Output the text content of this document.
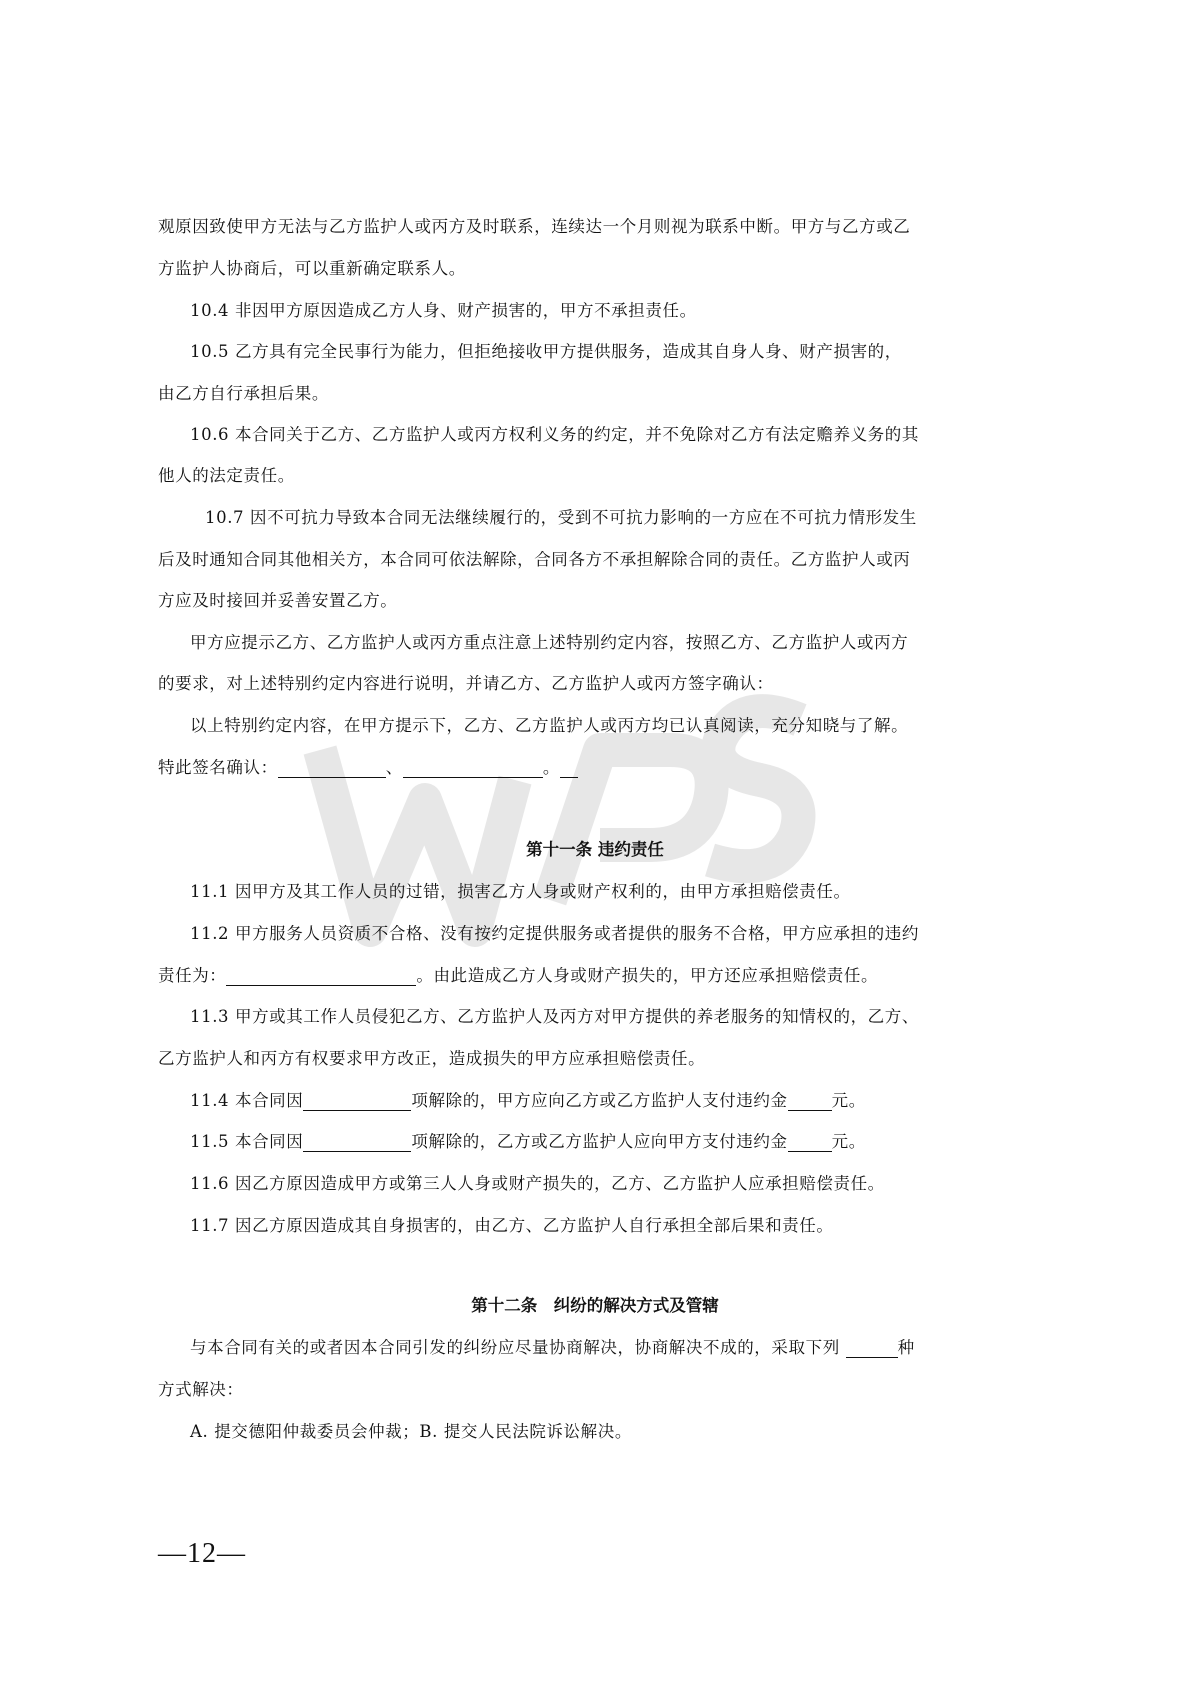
观原因致使甲方无法与乙方监护人或丙方及时联系，连续达一个月则视为联系中断。甲方与乙方或乙
方监护人协商后，可以重新确定联系人。
10.4 非因甲方原因造成乙方人身、财产损害的，甲方不承担责任。
10.5 乙方具有完全民事行为能力，但拒绝接收甲方提供服务，造成其自身人身、财产损害的，
由乙方自行承担后果。
10.6 本合同关于乙方、乙方监护人或丙方权利义务的约定，并不免除对乙方有法定赡养义务的其
他人的法定责任。
10.7 因不可抗力导致本合同无法继续履行的，受到不可抗力影响的一方应在不可抗力情形发生
后及时通知合同其他相关方，本合同可依法解除，合同各方不承担解除合同的责任。乙方监护人或丙
方应及时接回并妥善安置乙方。
甲方应提示乙方、乙方监护人或丙方重点注意上述特别约定内容，按照乙方、乙方监护人或丙方
的要求，对上述特别约定内容进行说明，并请乙方、乙方监护人或丙方签字确认：
以上特别约定内容，在甲方提示下，乙方、乙方监护人或丙方均已认真阅读，充分知晓与了解。
特此签名确认：	、	。
第十一条 违约责任
11.1 因甲方及其工作人员的过错，损害乙方人身或财产权利的，由甲方承担赔偿责任。
11.2 甲方服务人员资质不合格、没有按约定提供服务或者提供的服务不合格，甲方应承担的违约
责任为：	。由此造成乙方人身或财产损失的，甲方还应承担赔偿责任。
11.3 甲方或其工作人员侵犯乙方、乙方监护人及丙方对甲方提供的养老服务的知情权的，乙方、
乙方监护人和丙方有权要求甲方改正，造成损失的甲方应承担赔偿责任。
11.4 本合同因	项解除的，甲方应向乙方或乙方监护人支付违约金	元。
11.5 本合同因	项解除的，乙方或乙方监护人应向甲方支付违约金	元。
11.6 因乙方原因造成甲方或第三人人身或财产损失的，乙方、乙方监护人应承担赔偿责任。
11.7 因乙方原因造成其自身损害的，由乙方、乙方监护人自行承担全部后果和责任。
第十二条　纠纷的解决方式及管辖
与本合同有关的或者因本合同引发的纠纷应尽量协商解决，协商解决不成的，采取下列	种
方式解决：
A. 提交德阳仲裁委员会仲裁；B. 提交人民法院诉讼解决。
—12—
